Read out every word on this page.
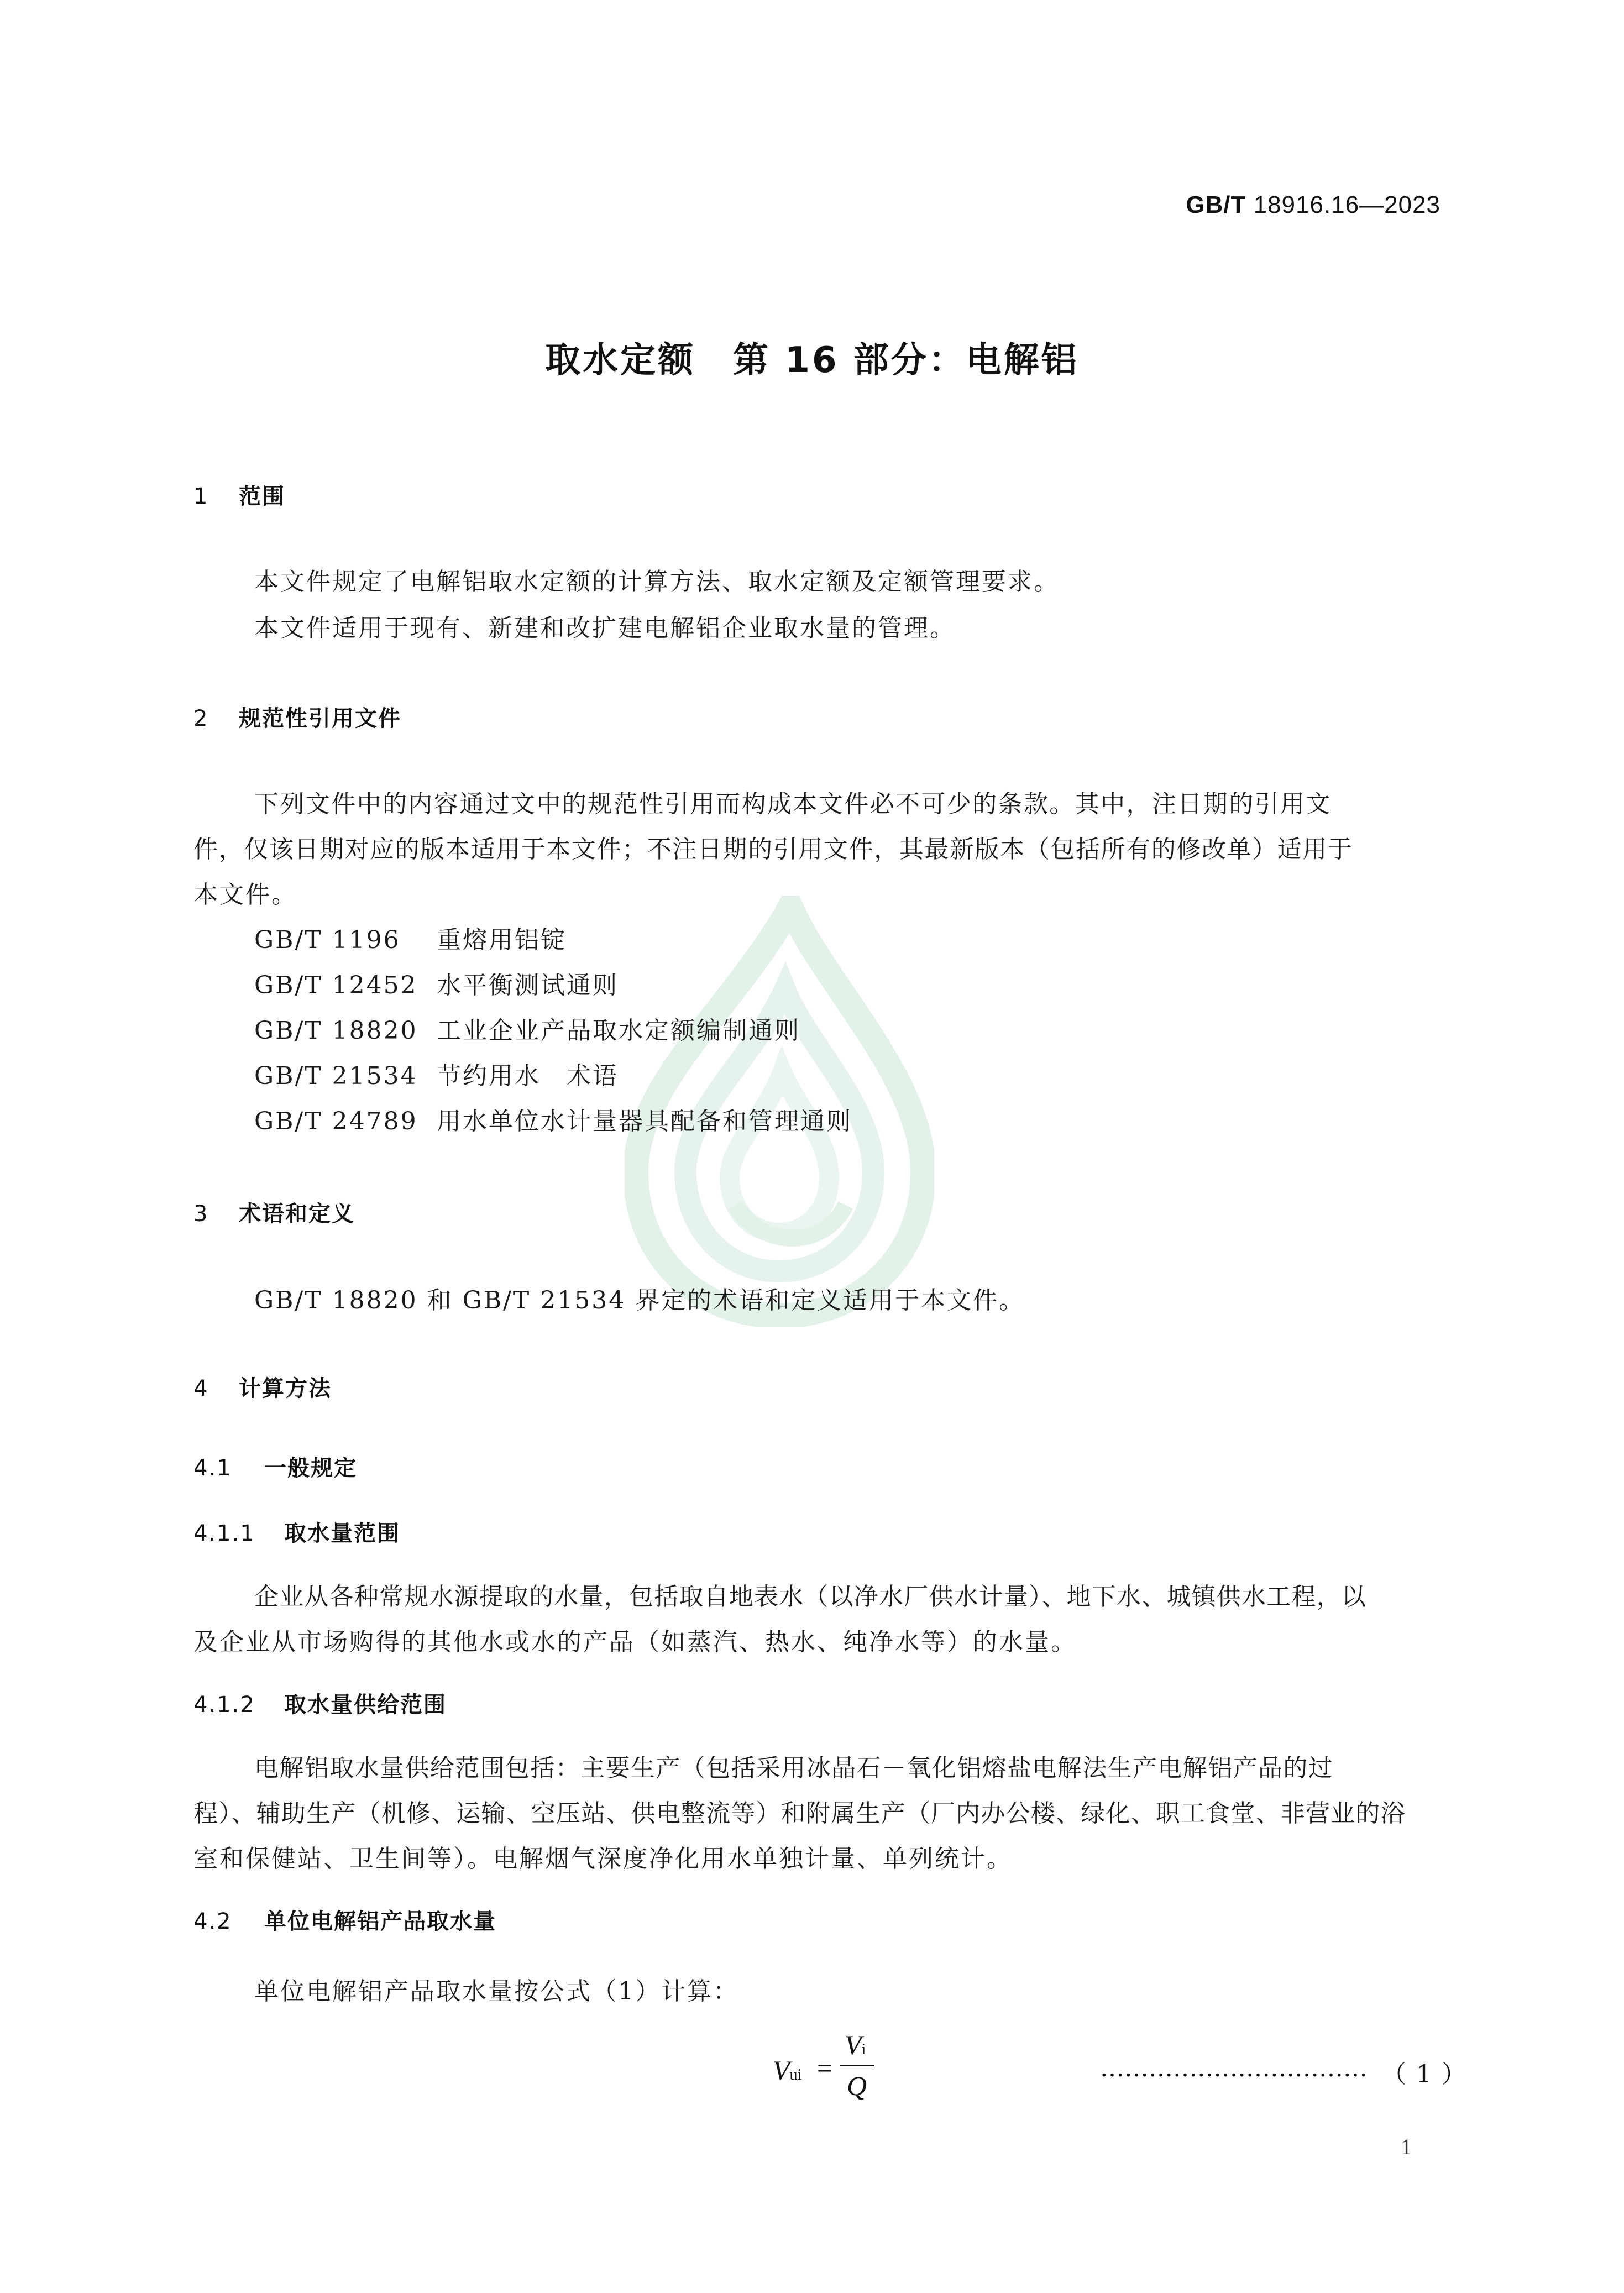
GB/T 18916.16—2023
取水定额　第 16 部分：电解铝
1 范围
本文件规定了电解铝取水定额的计算方法、取水定额及定额管理要求。
本文件适用于现有、新建和改扩建电解铝企业取水量的管理。
2 规范性引用文件
下列文件中的内容通过文中的规范性引用而构成本文件必不可少的条款。其中，注日期的引用文
件，仅该日期对应的版本适用于本文件；不注日期的引用文件，其最新版本（包括所有的修改单）适用于
本文件。
GB/T 1196 重熔用铝锭
GB/T 12452 水平衡测试通则
GB/T 18820 工业企业产品取水定额编制通则
GB/T 21534 节约用水　术语
GB/T 24789 用水单位水计量器具配备和管理通则
3 术语和定义
GB/T 18820 和 GB/T 21534 界定的术语和定义适用于本文件。
4 计算方法
4.1 一般规定
4.1.1 取水量范围
企业从各种常规水源提取的水量，包括取自地表水（以净水厂供水计量）、地下水、城镇供水工程，以
及企业从市场购得的其他水或水的产品（如蒸汽、热水、纯净水等）的水量。
4.1.2 取水量供给范围
电解铝取水量供给范围包括：主要生产（包括采用冰晶石－氧化铝熔盐电解法生产电解铝产品的过
程）、辅助生产（机修、运输、空压站、供电整流等）和附属生产（厂内办公楼、绿化、职工食堂、非营业的浴
室和保健站、卫生间等）。电解烟气深度净化用水单独计量、单列统计。
4.2 单位电解铝产品取水量
单位电解铝产品取水量按公式（1）计算：
Vui =
Vi
Q
…………………………… （ 1 ）
1
